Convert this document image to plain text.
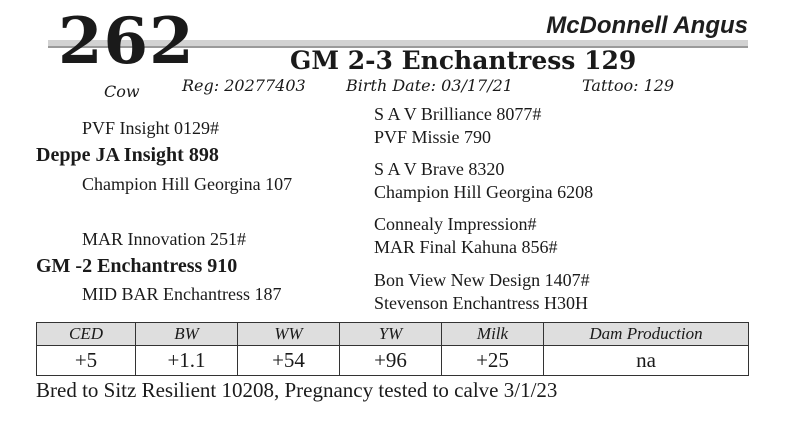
262	McDonnell Angus
GM 2-3 Enchantress 129
Cow	Reg: 20277403	Birth Date: 03/17/21	Tattoo: 129
PVF Insight 0129#
Deppe JA Insight 898
Champion Hill Georgina 107
S A V Brilliance 8077#
PVF Missie 790
S A V Brave 8320
Champion Hill Georgina 6208
MAR Innovation 251#
GM -2 Enchantress 910
MID BAR Enchantress 187
Connealy Impression#
MAR Final Kahuna 856#
Bon View New Design 1407#
Stevenson Enchantress H30H
CED	BW	WW	YW	Milk	Dam Production
+5	+1.1	+54	+96	+25	na
Bred to Sitz Resilient 10208, Pregnancy tested to calve 3/1/23
